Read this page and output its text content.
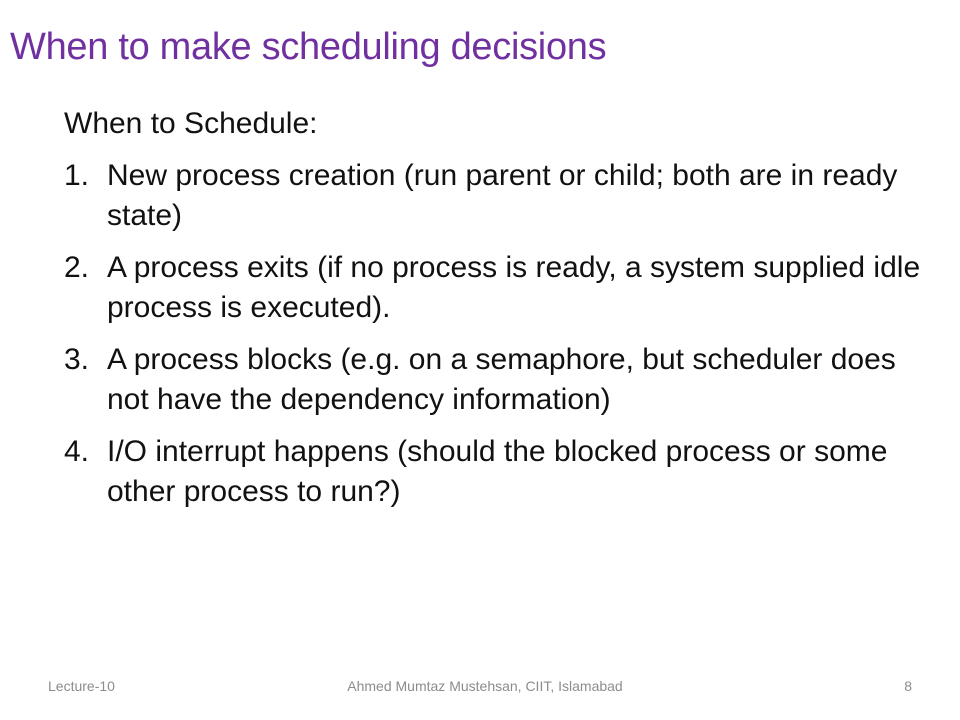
When to make scheduling decisions

When to Schedule:

1. New process creation (run parent or child; both are in ready state)
2. A process exits (if no process is ready, a system supplied idle process is executed).
3. A process blocks (e.g. on a semaphore, but scheduler does not have the dependency information)
4. I/O interrupt happens (should the blocked process or some other process to run?)
Lecture-10	Ahmed Mumtaz Mustehsan, CIIT, Islamabad	8
